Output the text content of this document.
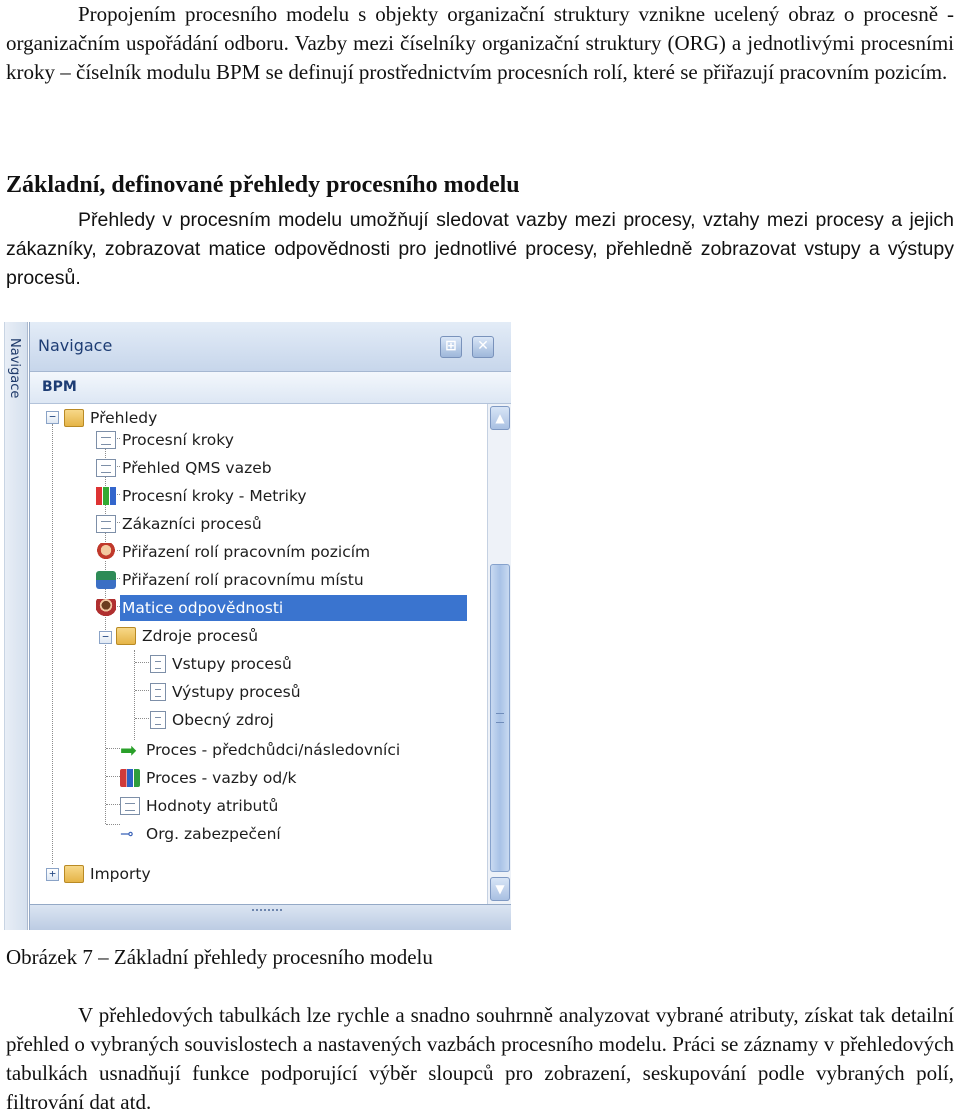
Propojením procesního modelu s objekty organizační struktury vznikne ucelený obraz o procesně - organizačním uspořádání odboru. Vazby mezi číselníky organizační struktury (ORG) a jednotlivými procesními kroky – číselník modulu BPM se definují prostřednictvím procesních rolí, které se přiřazují pracovním pozicím.

Základní, definované přehledy procesního modelu

Přehledy v procesním modelu umožňují sledovat vazby mezi procesy, vztahy mezi procesy a jejich zákazníky, zobrazovat matice odpovědnosti pro jednotlivé procesy, přehledně zobrazovat vstupy a výstupy procesů.

Navigace Navigace	⊞	✕
BPM
−	Přehledy
Procesní kroky
Přehled QMS vazeb
Procesní kroky - Metriky
Zákazníci procesů
Přiřazení rolí pracovním pozicím
Přiřazení rolí pracovnímu místu
Matice odpovědnosti
−	Zdroje procesů
Vstupy procesů
Výstupy procesů
Obecný zdroj
➡ Proces - předchůdci/následovníci
Proces - vazby od/k
Hodnoty atributů
⊸ Org. zabezpečení
+	Importy
▲
▼

Obrázek 7 – Základní přehledy procesního modelu

V přehledových tabulkách lze rychle a snadno souhrnně analyzovat vybrané atributy, získat tak detailní přehled o vybraných souvislostech a nastavených vazbách procesního modelu. Práci se záznamy v přehledových tabulkách usnadňují funkce podporující výběr sloupců pro zobrazení, seskupování podle vybraných polí, filtrování dat atd.
